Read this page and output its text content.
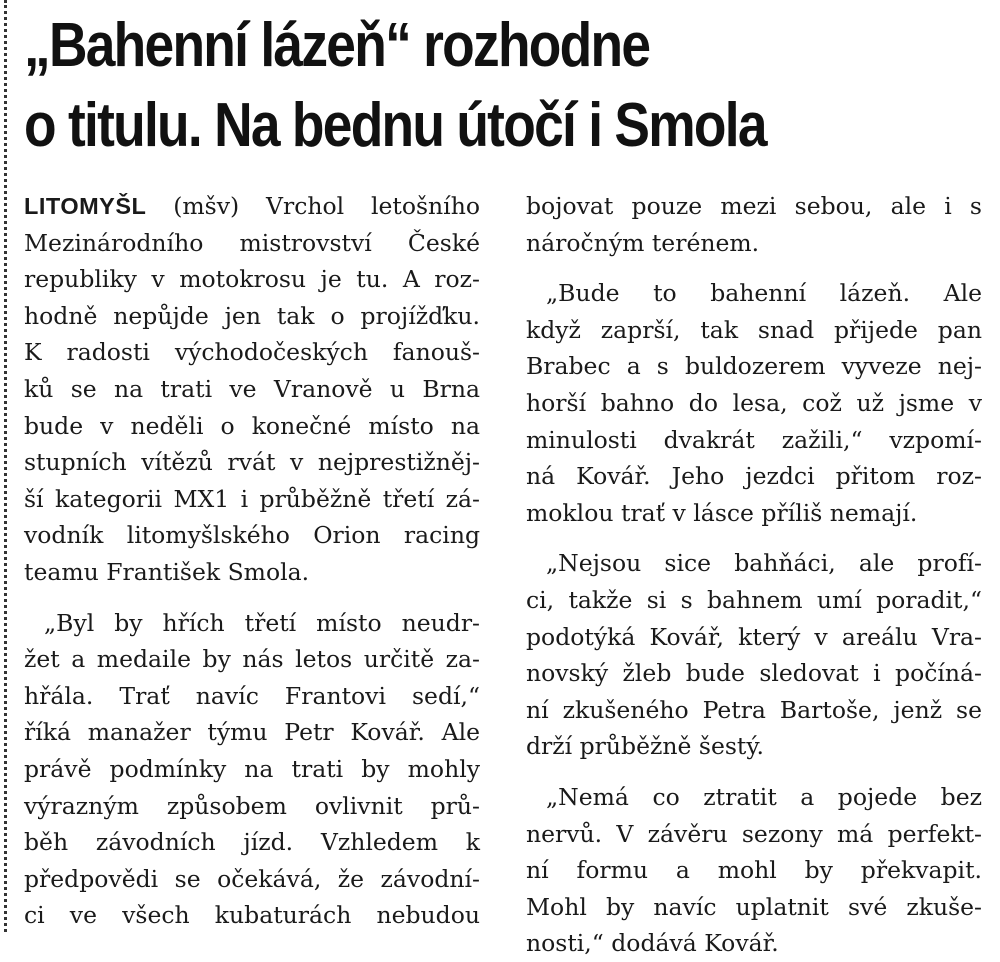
„Bahenní lázeň“ rozhodne
o titulu. Na bednu útočí i Smola

LITOMYŠL (mšv) Vrchol letošního
Mezinárodního mistrovství České
republiky v motokrosu je tu. A roz-
hodně nepůjde jen tak o projížďku.
K radosti východočeských fanouš-
ků se na trati ve Vranově u Brna
bude v neděli o konečné místo na
stupních vítězů rvát v nejprestižněj-
ší kategorii MX1 i průběžně třetí zá-
vodník litomyšlského Orion racing
teamu František Smola.

„Byl by hřích třetí místo neudr-
žet a medaile by nás letos určitě za-
hřála. Trať navíc Frantovi sedí,“
říká manažer týmu Petr Kovář. Ale
právě podmínky na trati by mohly
výrazným způsobem ovlivnit prů-
běh závodních jízd. Vzhledem k
předpovědi se očekává, že závodní-
ci ve všech kubaturách nebudou

bojovat pouze mezi sebou, ale i s
náročným terénem.

„Bude to bahenní lázeň. Ale
když zaprší, tak snad přijede pan
Brabec a s buldozerem vyveze nej-
horší bahno do lesa, což už jsme v
minulosti dvakrát zažili,“ vzpomí-
ná Kovář. Jeho jezdci přitom roz-
moklou trať v lásce příliš nemají.

„Nejsou sice bahňáci, ale profí-
ci, takže si s bahnem umí poradit,“
podotýká Kovář, který v areálu Vra-
novský žleb bude sledovat i počíná-
ní zkušeného Petra Bartoše, jenž se
drží průběžně šestý.

„Nemá co ztratit a pojede bez
nervů. V závěru sezony má perfekt-
ní formu a mohl by překvapit.
Mohl by navíc uplatnit své zkuše-
nosti,“ dodává Kovář.
